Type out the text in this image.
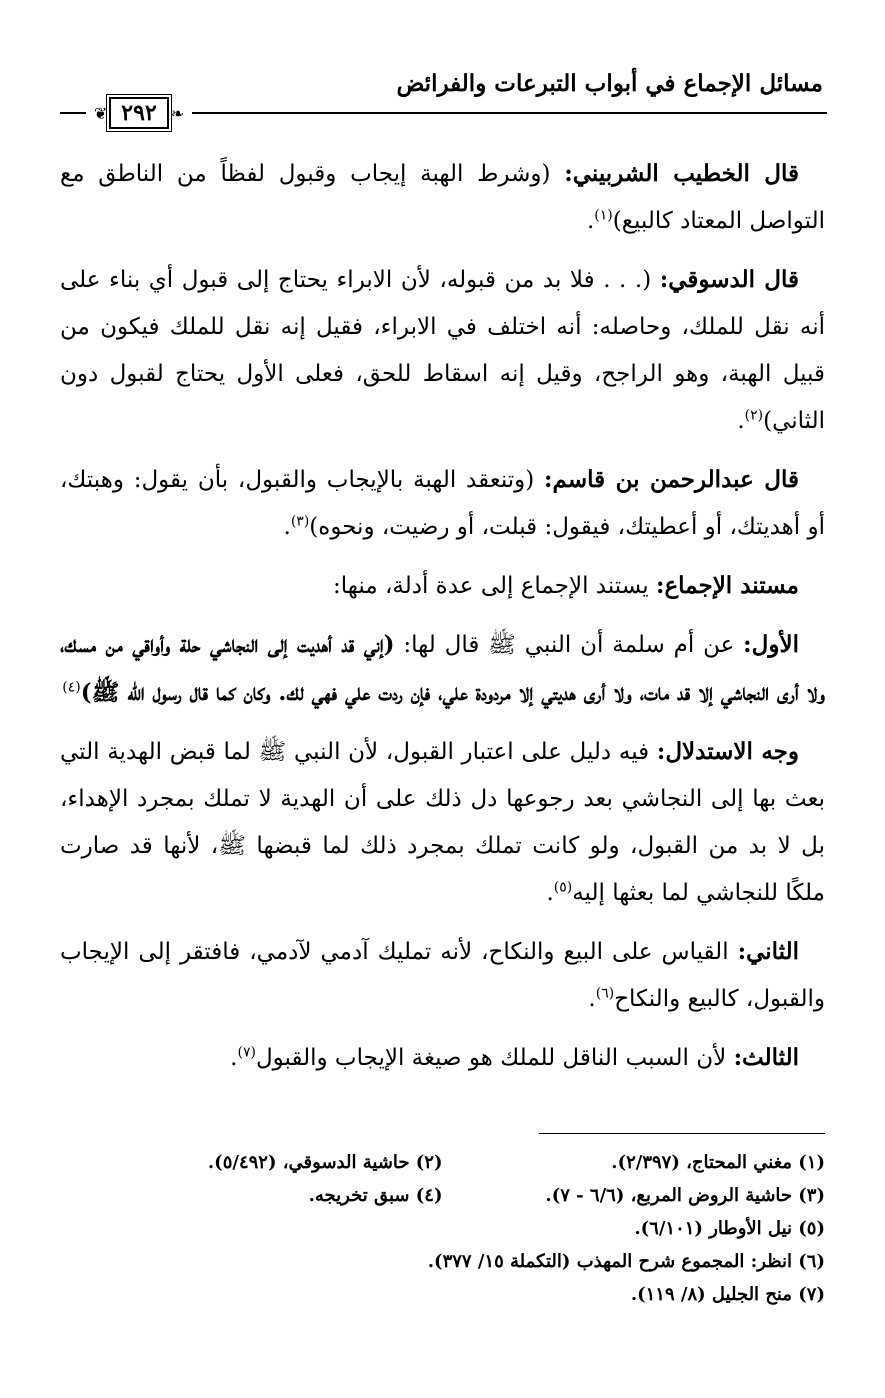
مسائل الإجماع في أبواب التبرعات والفرائض
❦ ٢٩٢ ❧

قال الخطيب الشربيني: (وشرط الهبة إيجاب وقبول لفظاً من الناطق مع التواصل المعتاد كالبيع)$^{(١)}$.

قال الدسوقي: (. . . فلا بد من قبوله، لأن الابراء يحتاج إلى قبول أي بناء على أنه نقل للملك، وحاصله: أنه اختلف في الابراء، فقيل إنه نقل للملك فيكون من قبيل الهبة، وهو الراجح، وقيل إنه اسقاط للحق، فعلى الأول يحتاج لقبول دون الثاني)$^{(٢)}$.

قال عبدالرحمن بن قاسم: (وتنعقد الهبة بالإيجاب والقبول، بأن يقول: وهبتك، أو أهديتك، أو أعطيتك، فيقول: قبلت، أو رضيت، ونحوه)$^{(٣)}$.

مستند الإجماع: يستند الإجماع إلى عدة أدلة، منها:

الأول: عن أم سلمة أن النبي ﷺ قال لها: (إني قد أهديت إلى النجاشي حلة وأواقي من مسك، ولا أرى النجاشي إلا قد مات، ولا أرى هديتي إلا مردودة علي، فإن ردت علي فهي لك. وكان كما قال رسول الله ﷺ)$^{(٤)}$

وجه الاستدلال: فيه دليل على اعتبار القبول، لأن النبي ﷺ لما قبض الهدية التي بعث بها إلى النجاشي بعد رجوعها دل ذلك على أن الهدية لا تملك بمجرد الإهداء، بل لا بد من القبول، ولو كانت تملك بمجرد ذلك لما قبضها ﷺ، لأنها قد صارت ملكًا للنجاشي لما بعثها إليه$^{(٥)}$.

الثاني: القياس على البيع والنكاح، لأنه تمليك آدمي لآدمي، فافتقر إلى الإيجاب والقبول، كالبيع والنكاح$^{(٦)}$.

الثالث: لأن السبب الناقل للملك هو صيغة الإيجاب والقبول$^{(٧)}$.

(١) مغني المحتاج، (٢/٣٩٧).
(٢) حاشية الدسوقي، (٥/٤٩٢).
(٣) حاشية الروض المربع، (٦/٦ - ٧).
(٤) سبق تخريجه.
(٥) نيل الأوطار (٦/١٠١).
(٦) انظر: المجموع شرح المهذب (التكملة ١٥/ ٣٧٧).
(٧) منح الجليل (٨/ ١١٩).
